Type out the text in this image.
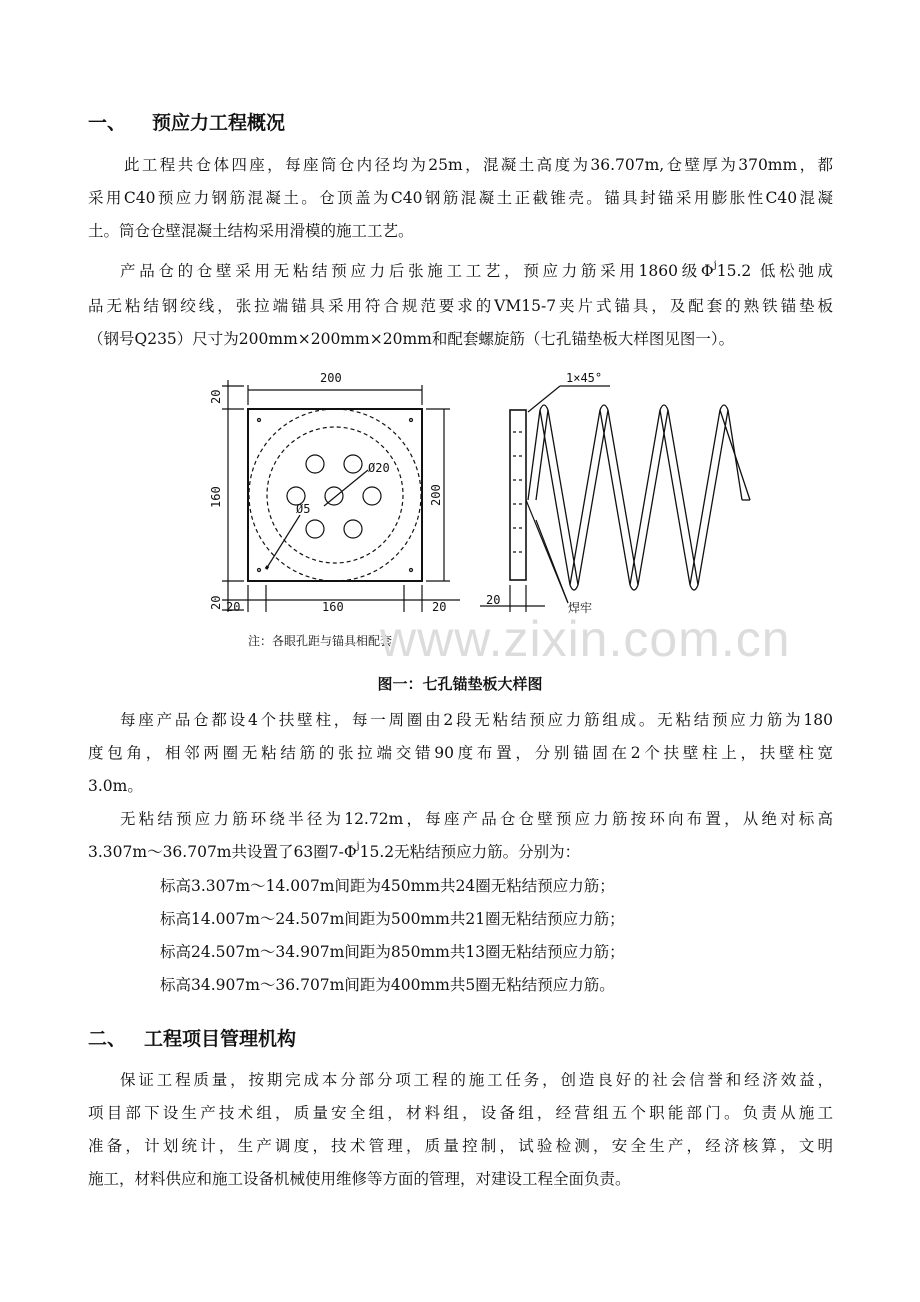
一、 预应力工程概况
此工程共仓体四座，每座筒仓内径均为25m，混凝土高度为36.707m,仓壁厚为370mm，都
采用C40预应力钢筋混凝土。仓顶盖为C40钢筋混凝土正截锥壳。锚具封锚采用膨胀性C40混凝
土。筒仓仓壁混凝土结构采用滑模的施工工艺。
产品仓的仓壁采用无粘结预应力后张施工工艺，预应力筋采用1860级$\Phi^j15.2$ 低松弛成
品无粘结钢绞线，张拉端锚具采用符合规范要求的VM15-7夹片式锚具，及配套的熟铁锚垫板
（钢号Q235）尺寸为200mm×200mm×20mm和配套螺旋筋（七孔锚垫板大样图见图一）。
200
20
160
20
200
20	160	20
Ø20
Ø5
1×45°
20
焊牢
注：各眼孔距与锚具相配套
www.zixin.com.cn
图一：七孔锚垫板大样图
每座产品仓都设4个扶壁柱，每一周圈由2段无粘结预应力筋组成。无粘结预应力筋为180
度包角，相邻两圈无粘结筋的张拉端交错90度布置，分别锚固在2个扶壁柱上，扶壁柱宽
3.0m。
无粘结预应力筋环绕半径为12.72m，每座产品仓仓壁预应力筋按环向布置，从绝对标高
3.307m～36.707m共设置了63圈$7-\Phi^j15.2$无粘结预应力筋。分别为：
标高3.307m～14.007m间距为450mm共24圈无粘结预应力筋；
标高14.007m～24.507m间距为500mm共21圈无粘结预应力筋；
标高24.507m～34.907m间距为850mm共13圈无粘结预应力筋；
标高34.907m～36.707m间距为400mm共5圈无粘结预应力筋。
二、 工程项目管理机构
保证工程质量，按期完成本分部分项工程的施工任务，创造良好的社会信誉和经济效益，
项目部下设生产技术组，质量安全组，材料组，设备组，经营组五个职能部门。负责从施工
准备，计划统计，生产调度，技术管理，质量控制，试验检测，安全生产，经济核算，文明
施工，材料供应和施工设备机械使用维修等方面的管理，对建设工程全面负责。
